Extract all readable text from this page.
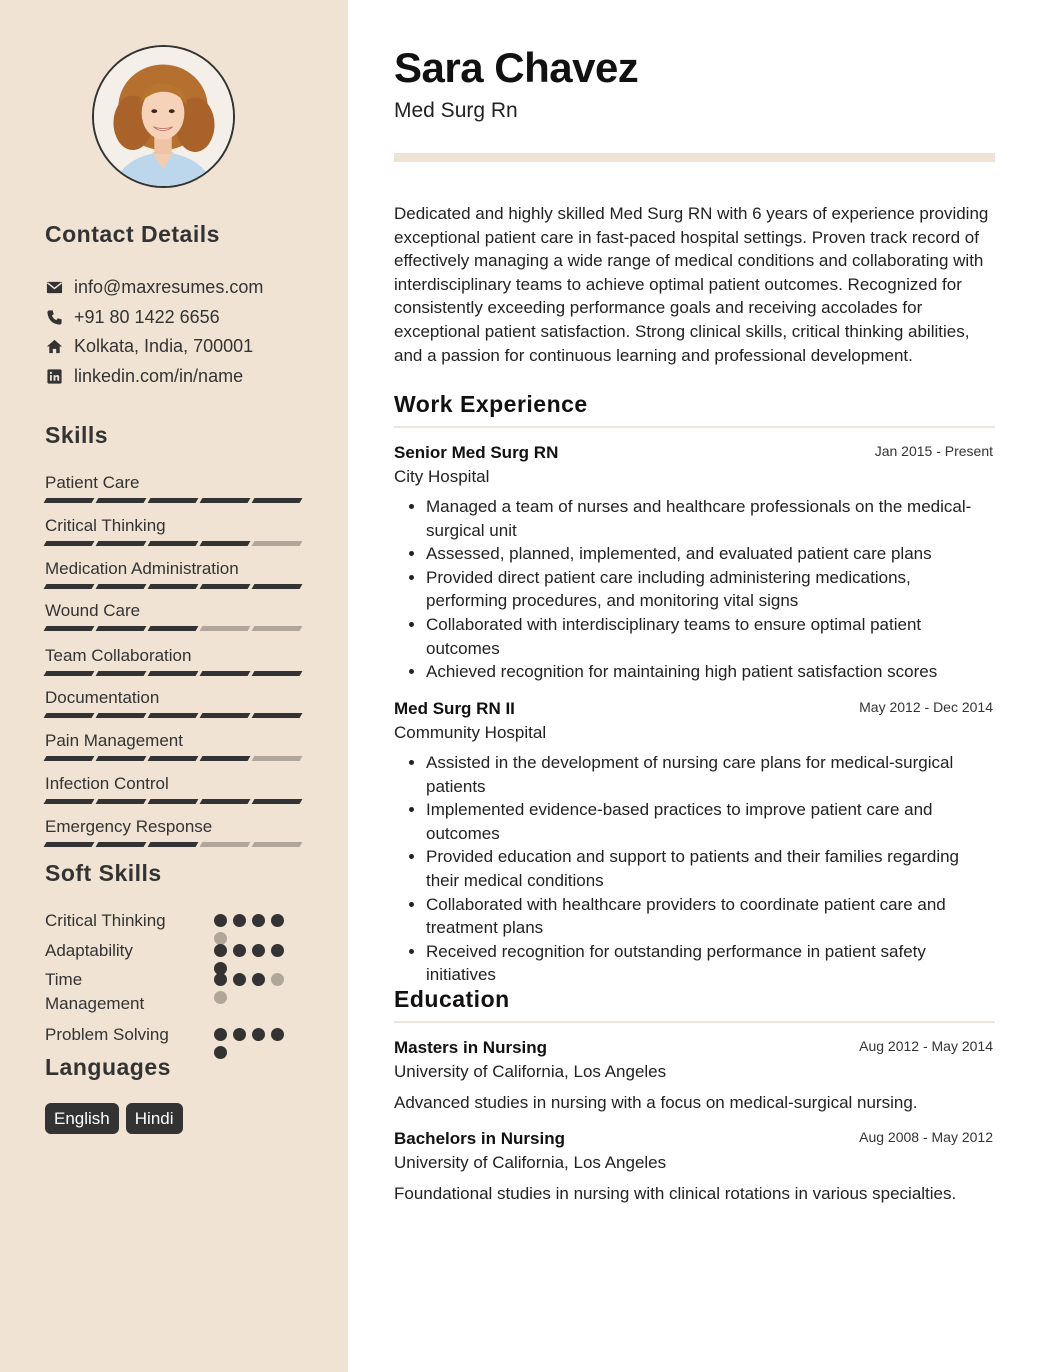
Contact Details
info@maxresumes.com
+91 80 1422 6656
Kolkata, India, 700001
linkedin.com/in/name
Skills
Patient Care
Critical Thinking
Medication Administration
Wound Care
Team Collaboration
Documentation
Pain Management
Infection Control
Emergency Response
Soft Skills
Critical Thinking
Adaptability
Time Management
Problem Solving
Languages
English	Hindi
Sara Chavez
Med Surg Rn
Dedicated and highly skilled Med Surg RN with 6 years of experience providing exceptional patient care in fast-paced hospital settings. Proven track record of effectively managing a wide range of medical conditions and collaborating with interdisciplinary teams to achieve optimal patient outcomes. Recognized for consistently exceeding performance goals and receiving accolades for exceptional patient satisfaction. Strong clinical skills, critical thinking abilities, and a passion for continuous learning and professional development.
Work Experience
Senior Med Surg RN	Jan 2015 - Present
City Hospital
• Managed a team of nurses and healthcare professionals on the medical-surgical unit
• Assessed, planned, implemented, and evaluated patient care plans
• Provided direct patient care including administering medications, performing procedures, and monitoring vital signs
• Collaborated with interdisciplinary teams to ensure optimal patient outcomes
• Achieved recognition for maintaining high patient satisfaction scores
Med Surg RN II	May 2012 - Dec 2014
Community Hospital
• Assisted in the development of nursing care plans for medical-surgical patients
• Implemented evidence-based practices to improve patient care and outcomes
• Provided education and support to patients and their families regarding their medical conditions
• Collaborated with healthcare providers to coordinate patient care and treatment plans
• Received recognition for outstanding performance in patient safety initiatives
Education
Masters in Nursing	Aug 2012 - May 2014
University of California, Los Angeles
Advanced studies in nursing with a focus on medical-surgical nursing.
Bachelors in Nursing	Aug 2008 - May 2012
University of California, Los Angeles
Foundational studies in nursing with clinical rotations in various specialties.
